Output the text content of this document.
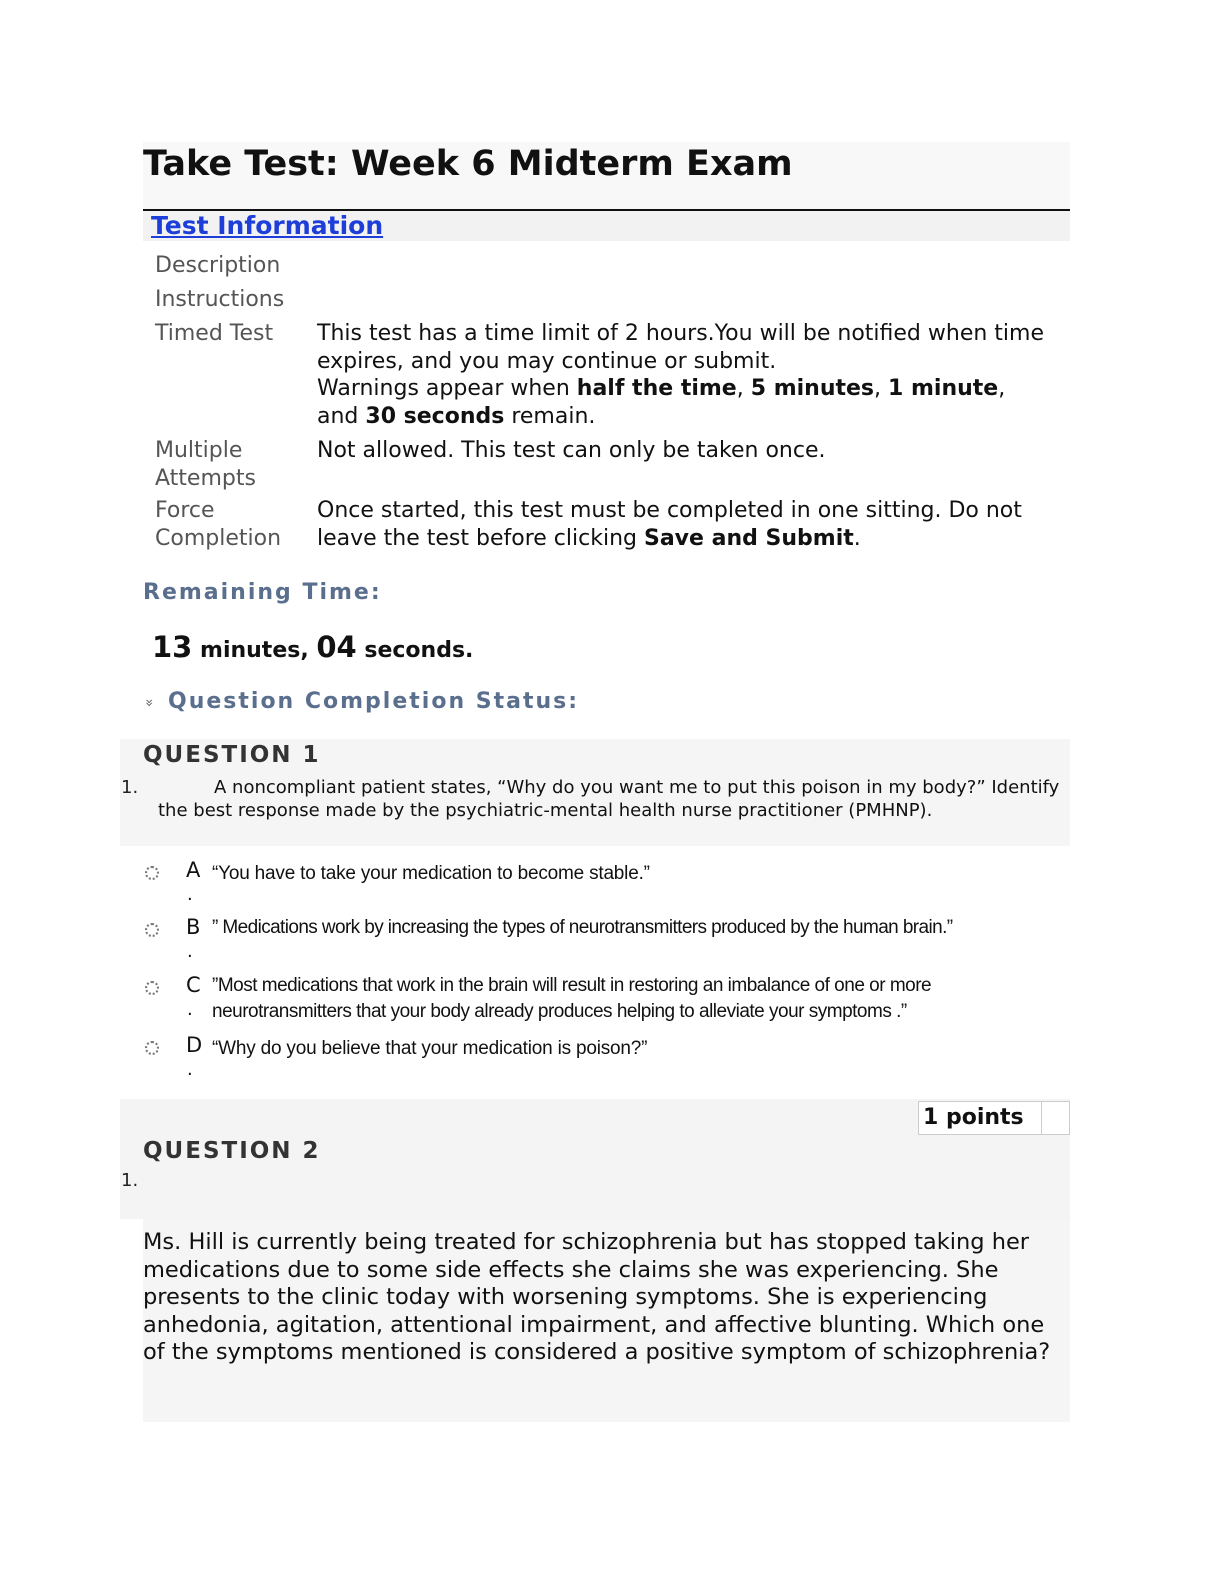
Take Test: Week 6 Midterm Exam
Test Information
Description
Instructions
Timed Test This test has a time limit of 2 hours.You will be notified when time expires, and you may continue or submit.
Warnings appear when half the time, 5 minutes, 1 minute, and 30 seconds remain.
Multiple Attempts
Not allowed. This test can only be taken once.
Force Completion
Once started, this test must be completed in one sitting. Do not leave the test before clicking Save and Submit.
Remaining Time:
13 minutes, 04 seconds.
» Question Completion Status:
QUESTION 1
1.	A noncompliant patient states, “Why do you want me to put this poison in my body?” Identify the best response made by the psychiatric-mental health nurse practitioner (PMHNP).
A
.
“You have to take your medication to become stable.”
B
.
” Medications work by increasing the types of neurotransmitters produced by the human brain.”
C
.
”Most medications that work in the brain will result in restoring an imbalance of one or more neurotransmitters that your body already produces helping to alleviate your symptoms .”
D
.
“Why do you believe that your medication is poison?”
1 points
QUESTION 2
1.
Ms. Hill is currently being treated for schizophrenia but has stopped taking her medications due to some side effects she claims she was experiencing. She presents to the clinic today with worsening symptoms. She is experiencing anhedonia, agitation, attentional impairment, and affective blunting. Which one of the symptoms mentioned is considered a positive symptom of schizophrenia?
